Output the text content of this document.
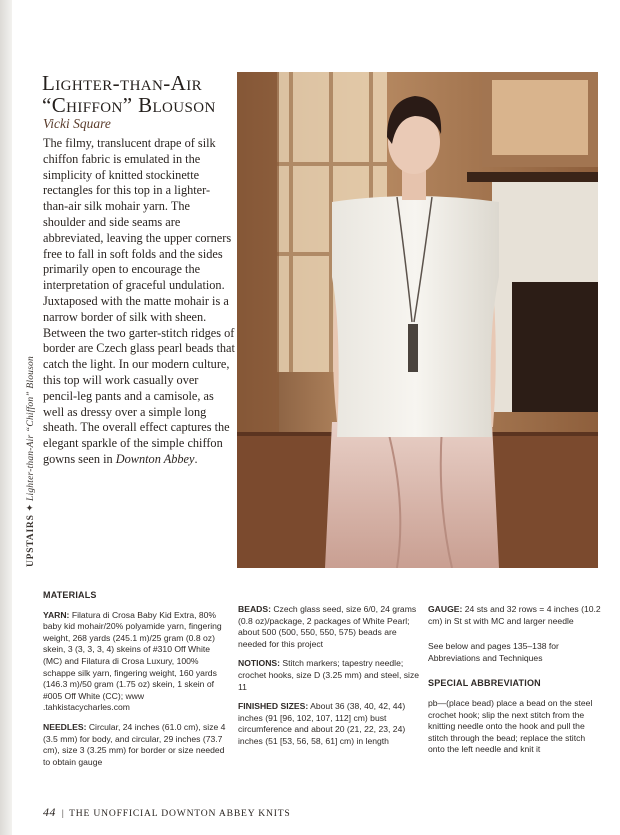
UPSTAIRS ✦ Lighter-than-Air “Chiffon” Blouson
Lighter-than-Air
“Chiffon” Blouson
Vicki Square

The filmy, translucent drape of silk chiffon fabric is emulated in the simplicity of knitted stockinette rectangles for this top in a lighter-than-air silk mohair yarn. The shoulder and side seams are abbreviated, leaving the upper corners free to fall in soft folds and the sides primarily open to encourage the interpretation of graceful undulation. Juxtaposed with the matte mohair is a narrow border of silk with sheen. Between the two garter-stitch ridges of border are Czech glass pearl beads that catch the light. In our modern culture, this top will work casually over pencil-leg pants and a camisole, as well as dressy over a simple long sheath. The overall effect captures the elegant sparkle of the simple chiffon gowns seen in Downton Abbey.

MATERIALS

YARN: Filatura di Crosa Baby Kid Extra, 80% baby kid mohair/20% polyamide yarn, fingering weight, 268 yards (245.1 m)/25 gram (0.8 oz) skein, 3 (3, 3, 3, 4) skeins of #310 Off White (MC) and Filatura di Crosa Luxury, 100% schappe silk yarn, fingering weight, 160 yards (146.3 m)/50 gram (1.75 oz) skein, 1 skein of #005 Off White (CC); www .tahkistacycharles.com

NEEDLES: Circular, 24 inches (61.0 cm), size 4 (3.5 mm) for body, and circular, 29 inches (73.7 cm), size 3 (3.25 mm) for border or size needed to obtain gauge

BEADS: Czech glass seed, size 6/0, 24 grams (0.8 oz)/package, 2 packages of White Pearl; about 500 (500, 550, 550, 575) beads are needed for this project

NOTIONS: Stitch markers; tapestry needle; crochet hooks, size D (3.25 mm) and steel, size 11

FINISHED SIZES: About 36 (38, 40, 42, 44) inches (91 [96, 102, 107, 112] cm) bust circumference and about 20 (21, 22, 23, 24) inches (51 [53, 56, 58, 61] cm) in length

GAUGE: 24 sts and 32 rows = 4 inches (10.2 cm) in St st with MC and larger needle

See below and pages 135–138 for Abbreviations and Techniques

SPECIAL ABBREVIATION

pb—(place bead) place a bead on the steel crochet hook; slip the next stitch from the knitting needle onto the hook and pull the stitch through the bead; replace the stitch onto the left needle and knit it

44 | THE UNOFFICIAL DOWNTON ABBEY KNITS
